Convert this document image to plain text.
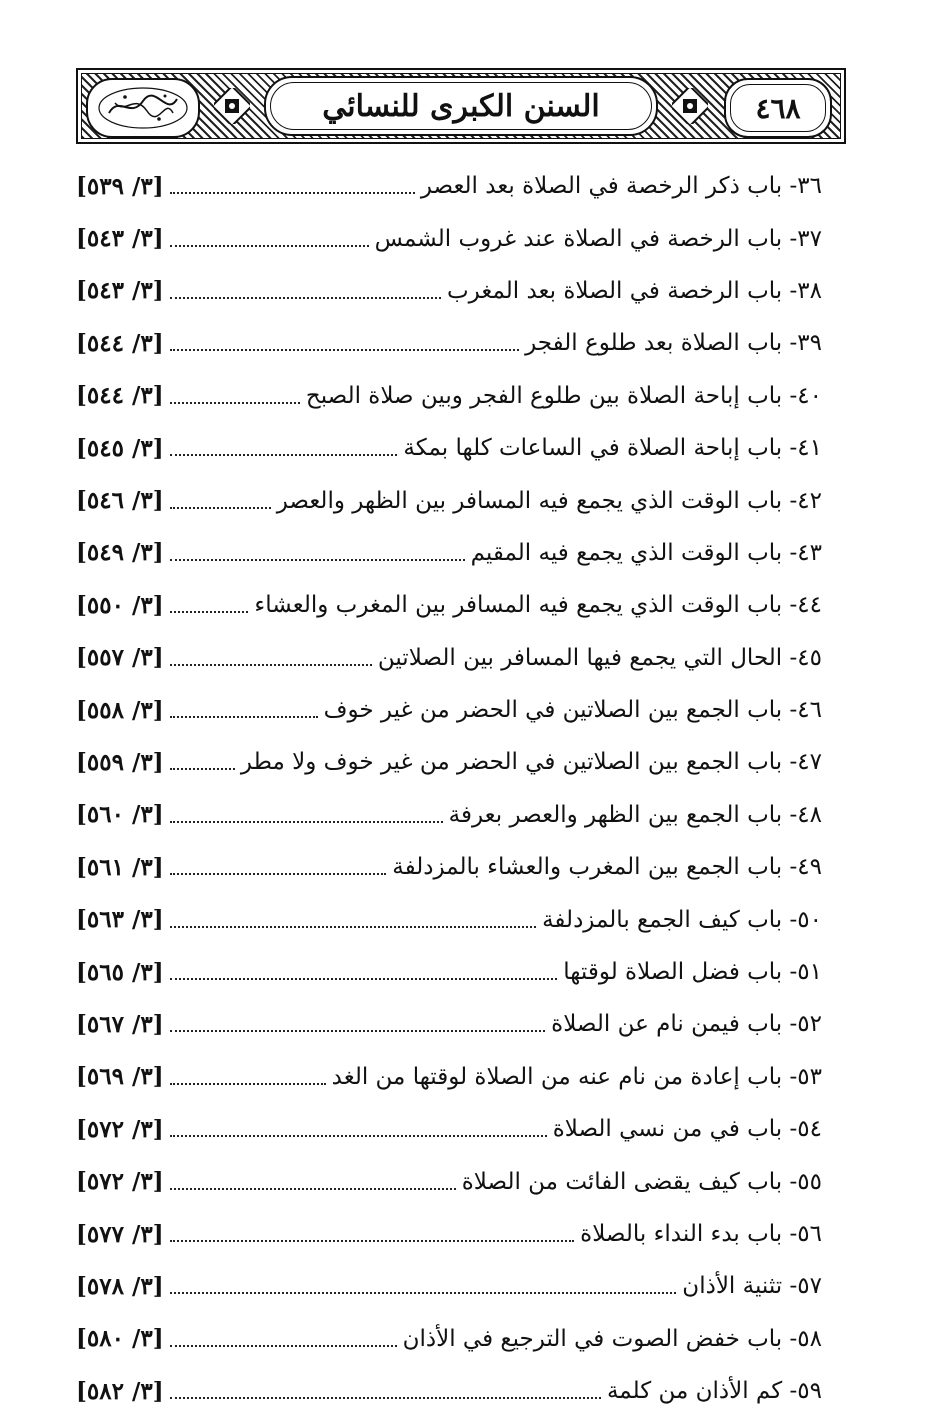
السنن الكبرى للنسائي	٤٦٨
٣٦- باب ذكر الرخصة في الصلاة بعد العصر
[٣/ ٥٣٩]
٣٧- باب الرخصة في الصلاة عند غروب الشمس
[٣/ ٥٤٣]
٣٨- باب الرخصة في الصلاة بعد المغرب
[٣/ ٥٤٣]
٣٩- باب الصلاة بعد طلوع الفجر
[٣/ ٥٤٤]
٤٠- باب إباحة الصلاة بين طلوع الفجر وبين صلاة الصبح
[٣/ ٥٤٤]
٤١- باب إباحة الصلاة في الساعات كلها بمكة
[٣/ ٥٤٥]
٤٢- باب الوقت الذي يجمع فيه المسافر بين الظهر والعصر
[٣/ ٥٤٦]
٤٣- باب الوقت الذي يجمع فيه المقيم
[٣/ ٥٤٩]
٤٤- باب الوقت الذي يجمع فيه المسافر بين المغرب والعشاء
[٣/ ٥٥٠]
٤٥- الحال التي يجمع فيها المسافر بين الصلاتين
[٣/ ٥٥٧]
٤٦- باب الجمع بين الصلاتين في الحضر من غير خوف
[٣/ ٥٥٨]
٤٧- باب الجمع بين الصلاتين في الحضر من غير خوف ولا مطر
[٣/ ٥٥٩]
٤٨- باب الجمع بين الظهر والعصر بعرفة
[٣/ ٥٦٠]
٤٩- باب الجمع بين المغرب والعشاء بالمزدلفة
[٣/ ٥٦١]
٥٠- باب كيف الجمع بالمزدلفة
[٣/ ٥٦٣]
٥١- باب فضل الصلاة لوقتها
[٣/ ٥٦٥]
٥٢- باب فيمن نام عن الصلاة
[٣/ ٥٦٧]
٥٣- باب إعادة من نام عنه من الصلاة لوقتها من الغد
[٣/ ٥٦٩]
٥٤- باب في من نسي الصلاة
[٣/ ٥٧٢]
٥٥- باب كيف يقضى الفائت من الصلاة
[٣/ ٥٧٢]
٥٦- باب بدء النداء بالصلاة
[٣/ ٥٧٧]
٥٧- تثنية الأذان
[٣/ ٥٧٨]
٥٨- باب خفض الصوت في الترجيع في الأذان
[٣/ ٥٨٠]
٥٩- كم الأذان من كلمة
[٣/ ٥٨٢]
